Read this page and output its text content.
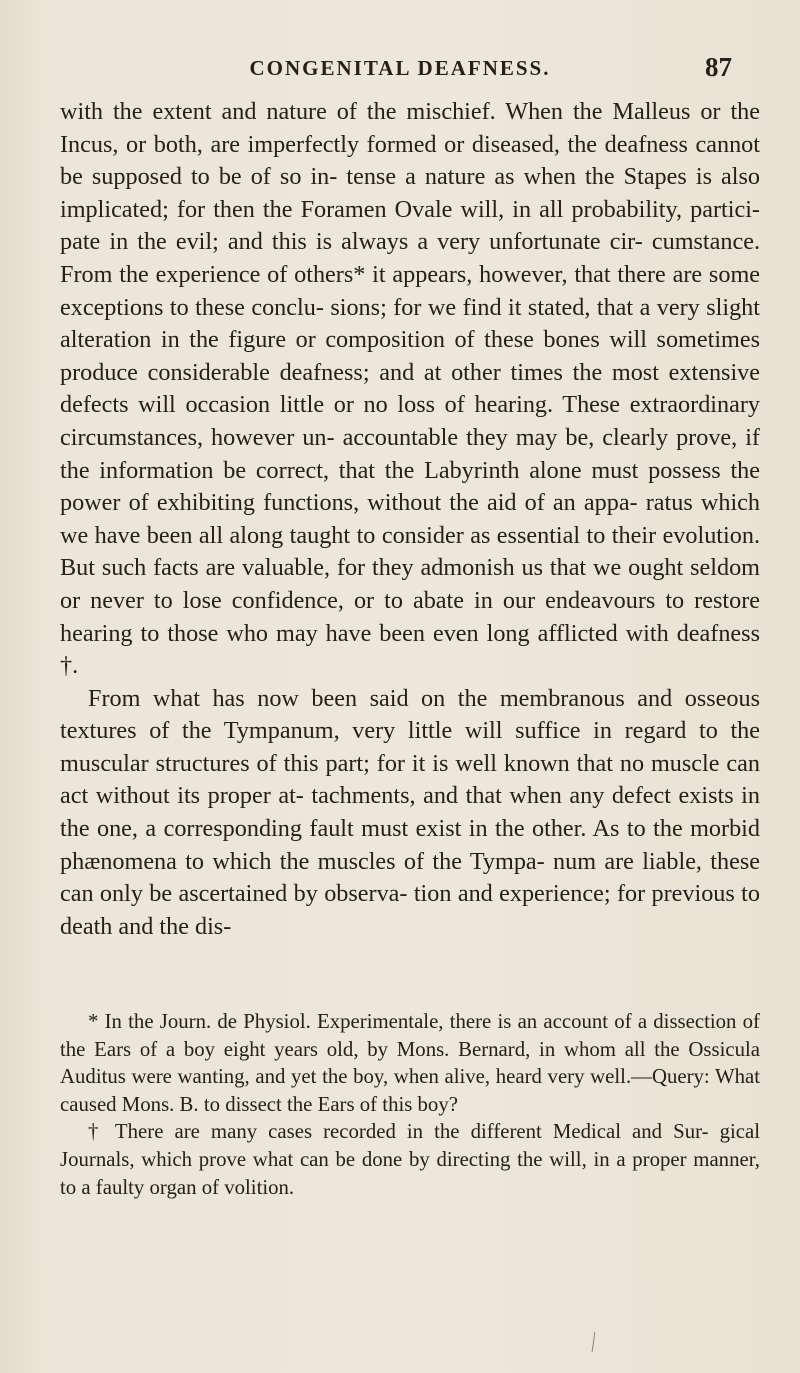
CONGENITAL DEAFNESS.	87

with the extent and nature of the mischief. When the Malleus or the Incus, or both, are imperfectly formed or diseased, the deafness cannot be supposed to be of so in- tense a nature as when the Stapes is also implicated; for then the Foramen Ovale will, in all probability, partici- pate in the evil; and this is always a very unfortunate cir- cumstance. From the experience of others* it appears, however, that there are some exceptions to these conclu- sions; for we find it stated, that a very slight alteration in the figure or composition of these bones will sometimes produce considerable deafness; and at other times the most extensive defects will occasion little or no loss of hearing. These extraordinary circumstances, however un- accountable they may be, clearly prove, if the information be correct, that the Labyrinth alone must possess the power of exhibiting functions, without the aid of an appa- ratus which we have been all along taught to consider as essential to their evolution. But such facts are valuable, for they admonish us that we ought seldom or never to lose confidence, or to abate in our endeavours to restore hearing to those who may have been even long afflicted with deafness †.

From what has now been said on the membranous and osseous textures of the Tympanum, very little will suffice in regard to the muscular structures of this part; for it is well known that no muscle can act without its proper at- tachments, and that when any defect exists in the one, a corresponding fault must exist in the other. As to the morbid phænomena to which the muscles of the Tympa- num are liable, these can only be ascertained by observa- tion and experience; for previous to death and the dis-

* In the Journ. de Physiol. Experimentale, there is an account of a dissection of the Ears of a boy eight years old, by Mons. Bernard, in whom all the Ossicula Auditus were wanting, and yet the boy, when alive, heard very well.—Query: What caused Mons. B. to dissect the Ears of this boy?

† There are many cases recorded in the different Medical and Sur- gical Journals, which prove what can be done by directing the will, in a proper manner, to a faulty organ of volition.
